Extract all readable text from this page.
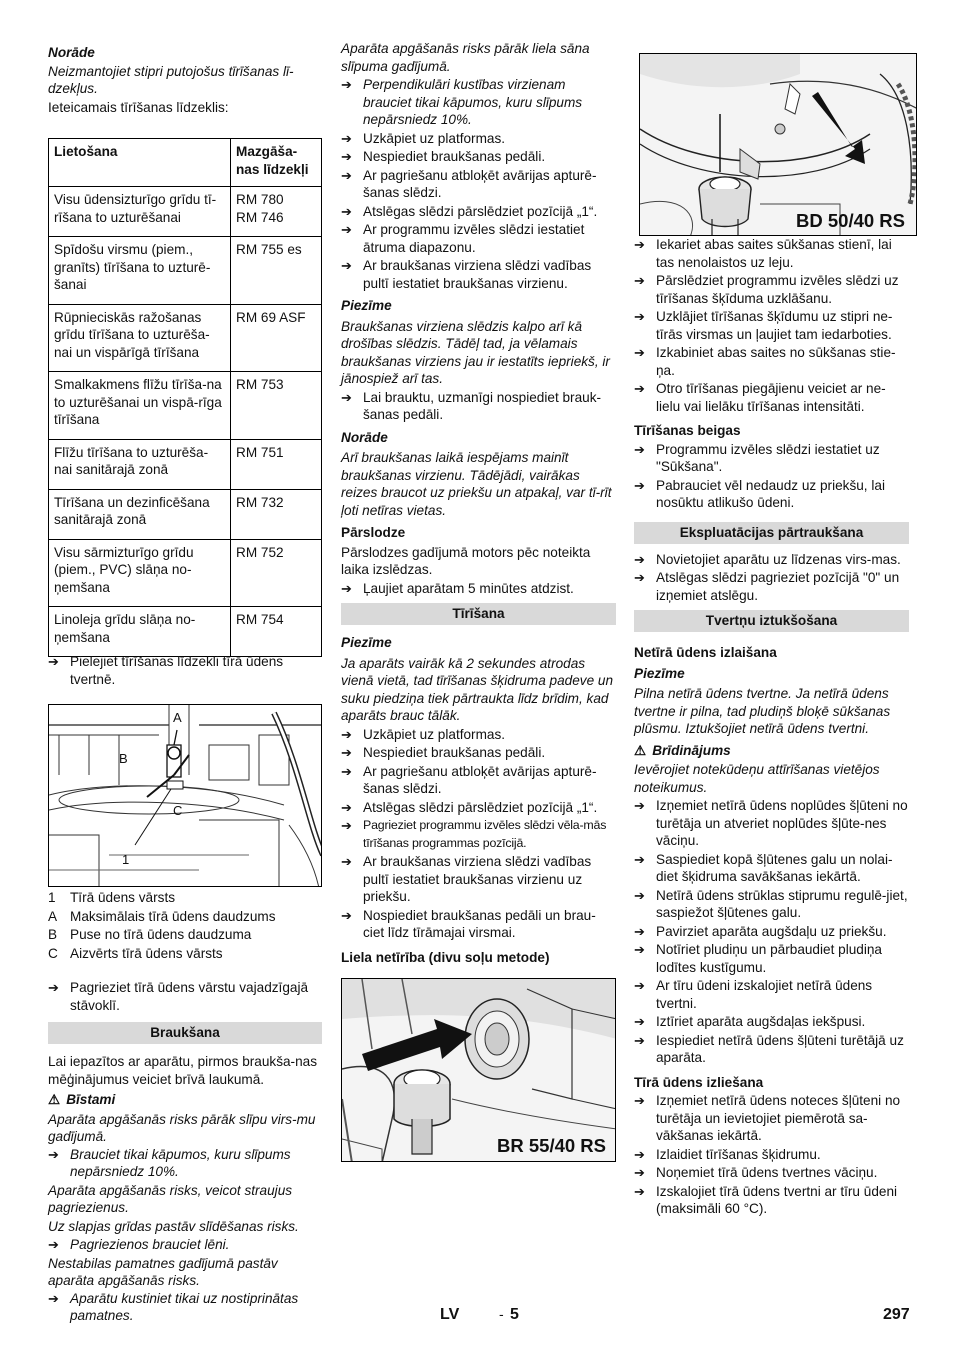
Norāde

Neizmantojiet stipri putojošus tīrīšanas lī-dzekļus.

Ieteicamais tīrīšanas līdzeklis:

Lietošana	Mazgāša-nas līdzekļi
Visu ūdensizturīgo grīdu tī-rīšana to uzturēšanai	RM 780
RM 746
Spīdošu virsmu (piem., granīts) tīrīšana to uzturē-šanai	RM 755 es
Rūpnieciskās ražošanas grīdu tīrīšana to uzturēša-nai un vispārīgā tīrīšana	RM 69 ASF
Smalkakmens flīžu tīrīša-na to uzturēšanai un vispā-rīga tīrīšana	RM 753
Flīžu tīrīšana to uzturēša-nai sanitārajā zonā	RM 751
Tīrīšana un dezinficēšana sanitārajā zonā	RM 732
Visu sārmizturīgo grīdu (piem., PVC) slāņa no-ņemšana	RM 752
Linoleja grīdu slāņa no-ņemšana	RM 754

➔ Pielejiet tīrīšanas līdzekli tīrā ūdens tvertnē.

A
B
C
1
1	Tīrā ūdens vārsts
A Maksimālais tīrā ūdens daudzums
B Puse no tīrā ūdens daudzuma
C Aizvērts tīrā ūdens vārsts

➔ Pagrieziet tīrā ūdens vārstu vajadzīgajā stāvoklī.

Braukšana

Lai iepazītos ar aparātu, pirmos braukša-nas mēģinājumus veiciet brīvā laukumā.

⚠ Bīstami

Aparāta apgāšanās risks pārāk slīpu virs-mu gadījumā.

➔ Brauciet tikai kāpumos, kuru slīpums nepārsniedz 10%.

Aparāta apgāšanās risks, veicot straujus pagriezienus.

Uz slapjas grīdas pastāv slīdēšanas risks.

➔ Pagriezienos brauciet lēni.

Nestabilas pamatnes gadījumā pastāv aparāta apgāšanās risks.

➔ Aparātu kustiniet tikai uz nostiprinātas pamatnes.

Aparāta apgāšanās risks pārāk liela sāna slīpuma gadījumā.

➔ Perpendikulāri kustības virzienam brauciet tikai kāpumos, kuru slīpums nepārsniedz 10%.

➔ Uzkāpiet uz platformas.

➔ Nespiediet braukšanas pedāli.

➔ Ar pagriešanu atbloķēt avārijas apturē-šanas slēdzi.

➔ Atslēgas slēdzi pārslēdziet pozīcijā „1“.

➔ Ar programmu izvēles slēdzi iestatiet ātruma diapazonu.

➔ Ar braukšanas virziena slēdzi vadības pultī iestatiet braukšanas virzienu.

Piezīme

Braukšanas virziena slēdzis kalpo arī kā drošības slēdzis. Tādēļ tad, ja vēlamais braukšanas virziens jau ir iestatīts iepriekš, ir jānospiež arī tas.

➔ Lai brauktu, uzmanīgi nospiediet brauk-šanas pedāli.

Norāde

Arī braukšanas laikā iespējams mainīt braukšanas virzienu. Tādējādi, vairākas reizes braucot uz priekšu un atpakaļ, var tī-rīt ļoti netīras vietas.

Pārslodze

Pārslodzes gadījumā motors pēc noteikta laika izslēdzas.

➔ Ļaujiet aparātam 5 minūtes atdzist.

Tīrīšana

Piezīme

Ja aparāts vairāk kā 2 sekundes atrodas vienā vietā, tad tīrīšanas šķidruma padeve un suku piedziņa tiek pārtraukta līdz brīdim, kad aparāts brauc tālāk.

➔ Uzkāpiet uz platformas.

➔ Nespiediet braukšanas pedāli.

➔ Ar pagriešanu atbloķēt avārijas apturē-šanas slēdzi.

➔ Atslēgas slēdzi pārslēdziet pozīcijā „1“.

➔ Pagrieziet programmu izvēles slēdzi vēla-mās tīrīšanas programmas pozīcijā.

➔ Ar braukšanas virziena slēdzi vadības pultī iestatiet braukšanas virzienu uz priekšu.

➔ Nospiediet braukšanas pedāli un brau-ciet līdz tīrāmajai virsmai.

Liela netīrība (divu soļu metode)

BR 55/40 RS
BD 50/40 RS

➔ Iekariet abas saites sūkšanas stienī, lai tas nenolaistos uz leju.

➔ Pārslēdziet programmu izvēles slēdzi uz tīrīšanas šķīduma uzklāšanu.

➔ Uzklājiet tīrīšanas šķīdumu uz stipri ne-tīrās virsmas un ļaujiet tam iedarboties.

➔ Izkabiniet abas saites no sūkšanas stie-ņa.

➔ Otro tīrīšanas piegājienu veiciet ar ne-lielu vai lielāku tīrīšanas intensitāti.

Tīrīšanas beigas

➔ Programmu izvēles slēdzi iestatiet uz "Sūkšana".

➔ Pabrauciet vēl nedaudz uz priekšu, lai nosūktu atlikušo ūdeni.

Ekspluatācijas pārtraukšana

➔ Novietojiet aparātu uz līdzenas virs-mas.

➔ Atslēgas slēdzi pagrieziet pozīcijā "0" un izņemiet atslēgu.

Tvertņu iztukšošana

Netīrā ūdens izlaišana

Piezīme

Pilna netīrā ūdens tvertne. Ja netīrā ūdens tvertne ir pilna, tad pludiņš bloķē sūkšanas plūsmu. Iztukšojiet netīrā ūdens tvertni.

⚠ Brīdinājums

Ievērojiet notekūdeņu attīrīšanas vietējos noteikumus.

➔ Izņemiet netīrā ūdens noplūdes šļūteni no turētāja un atveriet noplūdes šļūte-nes vāciņu.

➔ Saspiediet kopā šļūtenes galu un nolai-diet šķidruma savākšanas iekārtā.

➔ Netīrā ūdens strūklas stiprumu regulē-jiet, saspiežot šļūtenes galu.

➔ Pavirziet aparāta augšdaļu uz priekšu.

➔ Notīriet pludiņu un pārbaudiet pludiņa lodītes kustīgumu.

➔ Ar tīru ūdeni izskalojiet netīrā ūdens tvertni.

➔ Iztīriet aparāta augšdaļas iekšpusi.

➔ Iespiediet netīrā ūdens šļūteni turētājā uz aparāta.

Tīrā ūdens izliešana

➔ Izņemiet netīrā ūdens noteces šļūteni no turētāja un ievietojiet piemērotā sa-vākšanas iekārtā.

➔ Izlaidiet tīrīšanas šķidrumu.

➔ Noņemiet tīrā ūdens tvertnes vāciņu.

➔ Izskalojiet tīrā ūdens tvertni ar tīru ūdeni (maksimāli 60 °C).

LV	- 5	297
